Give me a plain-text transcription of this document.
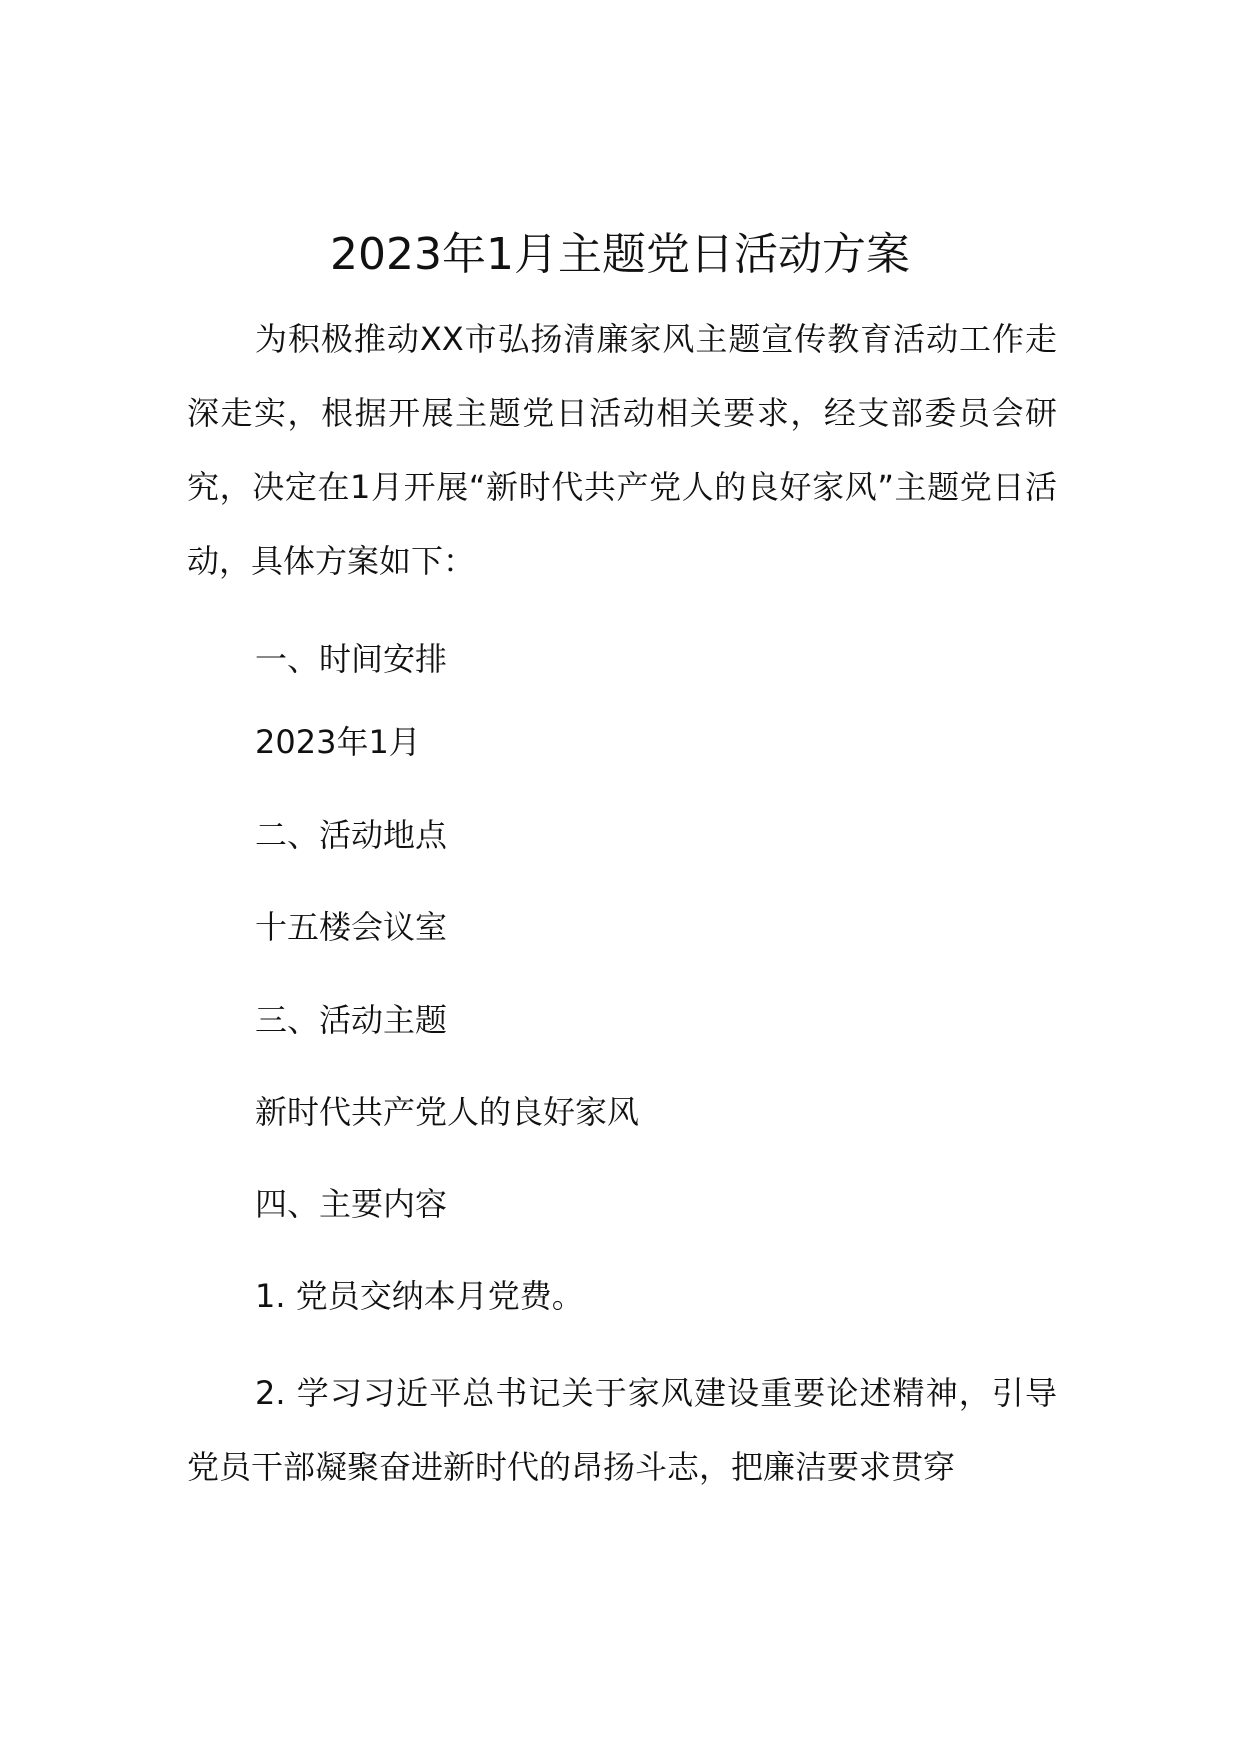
2023年1月主题党日活动方案
为积极推动XX市弘扬清廉家风主题宣传教育活动工作走深走实，根据开展主题党日活动相关要求，经支部委员会研究，决定在1月开展“新时代共产党人的良好家风”主题党日活动，具体方案如下：
一、时间安排
2023年1月
二、活动地点
十五楼会议室
三、活动主题
新时代共产党人的良好家风
四、主要内容
1. 党员交纳本月党费。
2. 学习习近平总书记关于家风建设重要论述精神，引导党员干部凝聚奋进新时代的昂扬斗志，把廉洁要求贯穿
